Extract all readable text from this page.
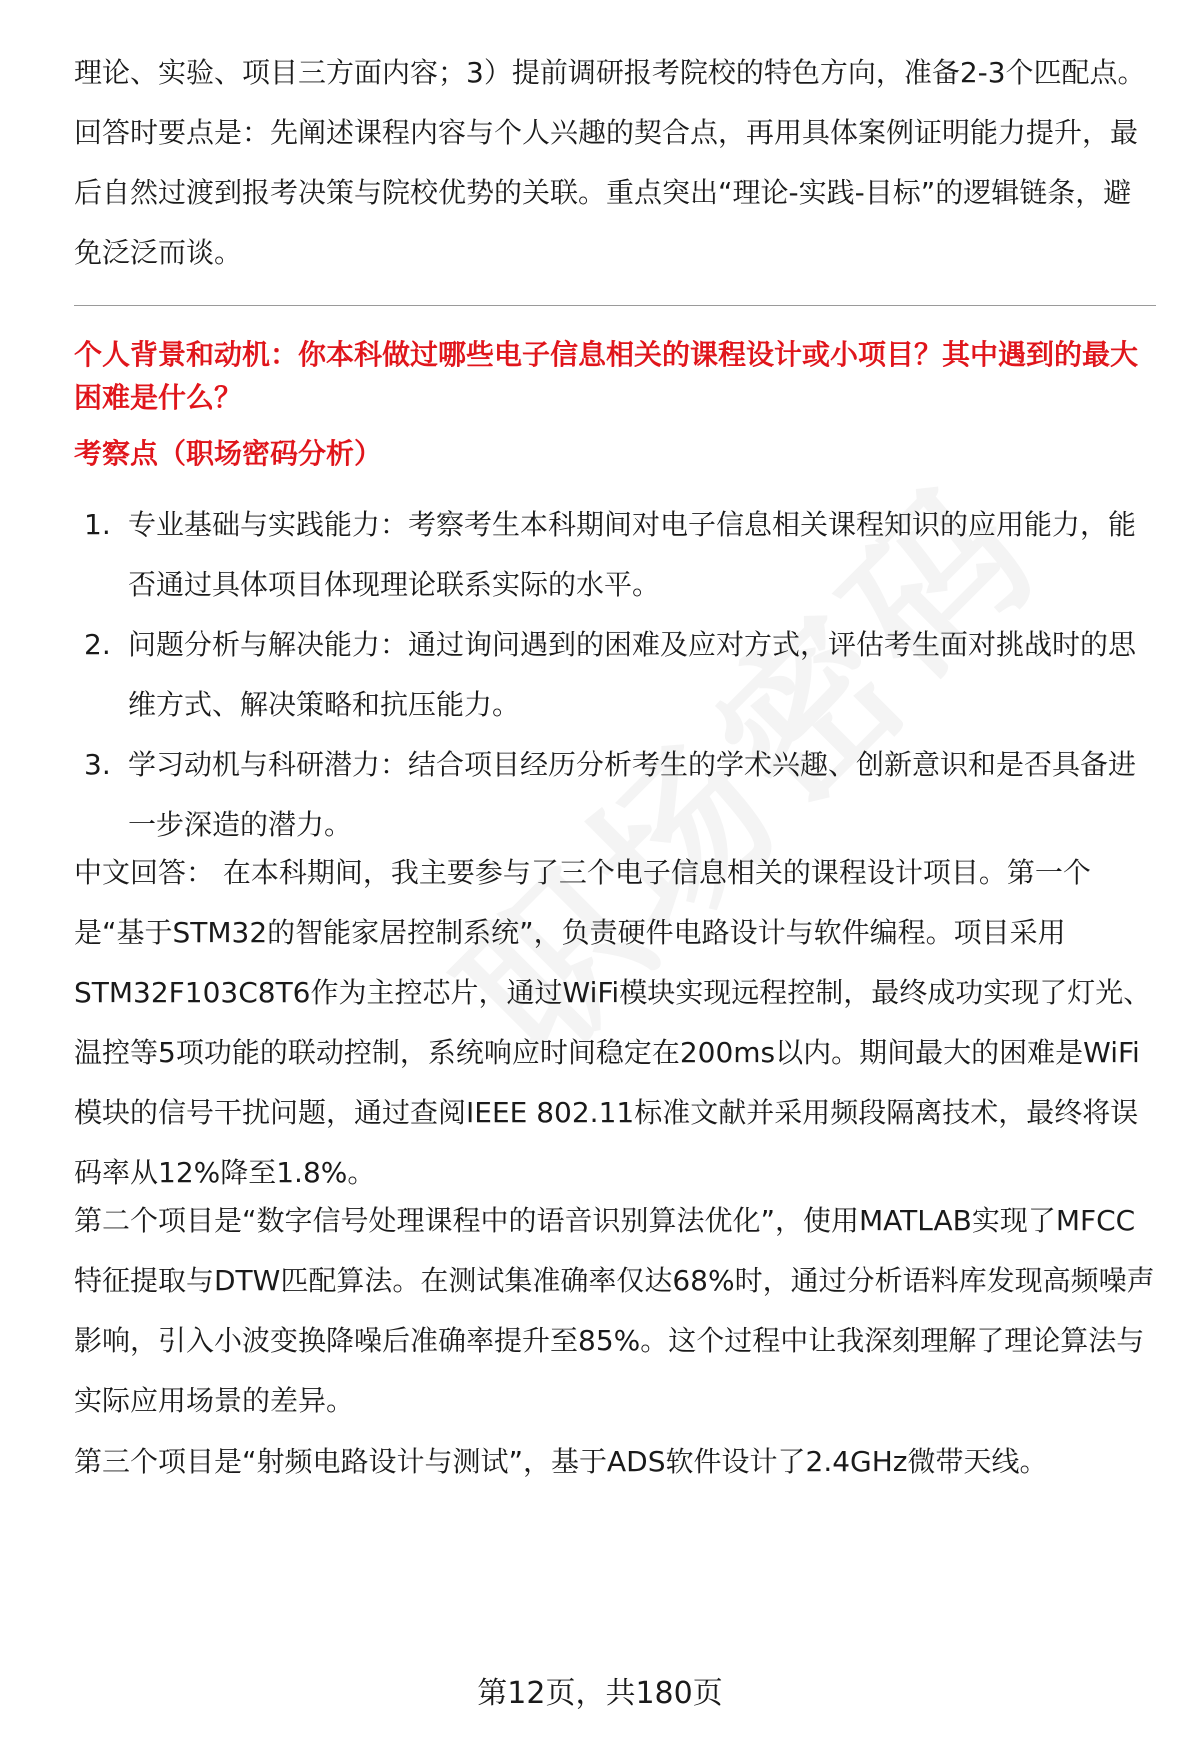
理论、实验、项目三方面内容；3）提前调研报考院校的特色方向，准备2-3个匹配点。回答时要点是：先阐述课程内容与个人兴趣的契合点，再用具体案例证明能力提升，最后自然过渡到报考决策与院校优势的关联。重点突出“理论-实践-目标”的逻辑链条，避免泛泛而谈。

个人背景和动机：你本科做过哪些电子信息相关的课程设计或小项目？其中遇到的最大困难是什么？

考察点（职场密码分析）

1. 专业基础与实践能力：考察考生本科期间对电子信息相关课程知识的应用能力，能否通过具体项目体现理论联系实际的水平。
2. 问题分析与解决能力：通过询问遇到的困难及应对方式，评估考生面对挑战时的思维方式、解决策略和抗压能力。
3. 学习动机与科研潜力：结合项目经历分析考生的学术兴趣、创新意识和是否具备进一步深造的潜力。

中文回答： 在本科期间，我主要参与了三个电子信息相关的课程设计项目。第一个是“基于STM32的智能家居控制系统”，负责硬件电路设计与软件编程。项目采用STM32F103C8T6作为主控芯片，通过WiFi模块实现远程控制，最终成功实现了灯光、温控等5项功能的联动控制，系统响应时间稳定在200ms以内。期间最大的困难是WiFi模块的信号干扰问题，通过查阅IEEE 802.11标准文献并采用频段隔离技术，最终将误码率从12%降至1.8%。

第二个项目是“数字信号处理课程中的语音识别算法优化”，使用MATLAB实现了MFCC特征提取与DTW匹配算法。在测试集准确率仅达68%时，通过分析语料库发现高频噪声影响，引入小波变换降噪后准确率提升至85%。这个过程中让我深刻理解了理论算法与实际应用场景的差异。

第三个项目是“射频电路设计与测试”，基于ADS软件设计了2.4GHz微带天线。

第12页，共180页
